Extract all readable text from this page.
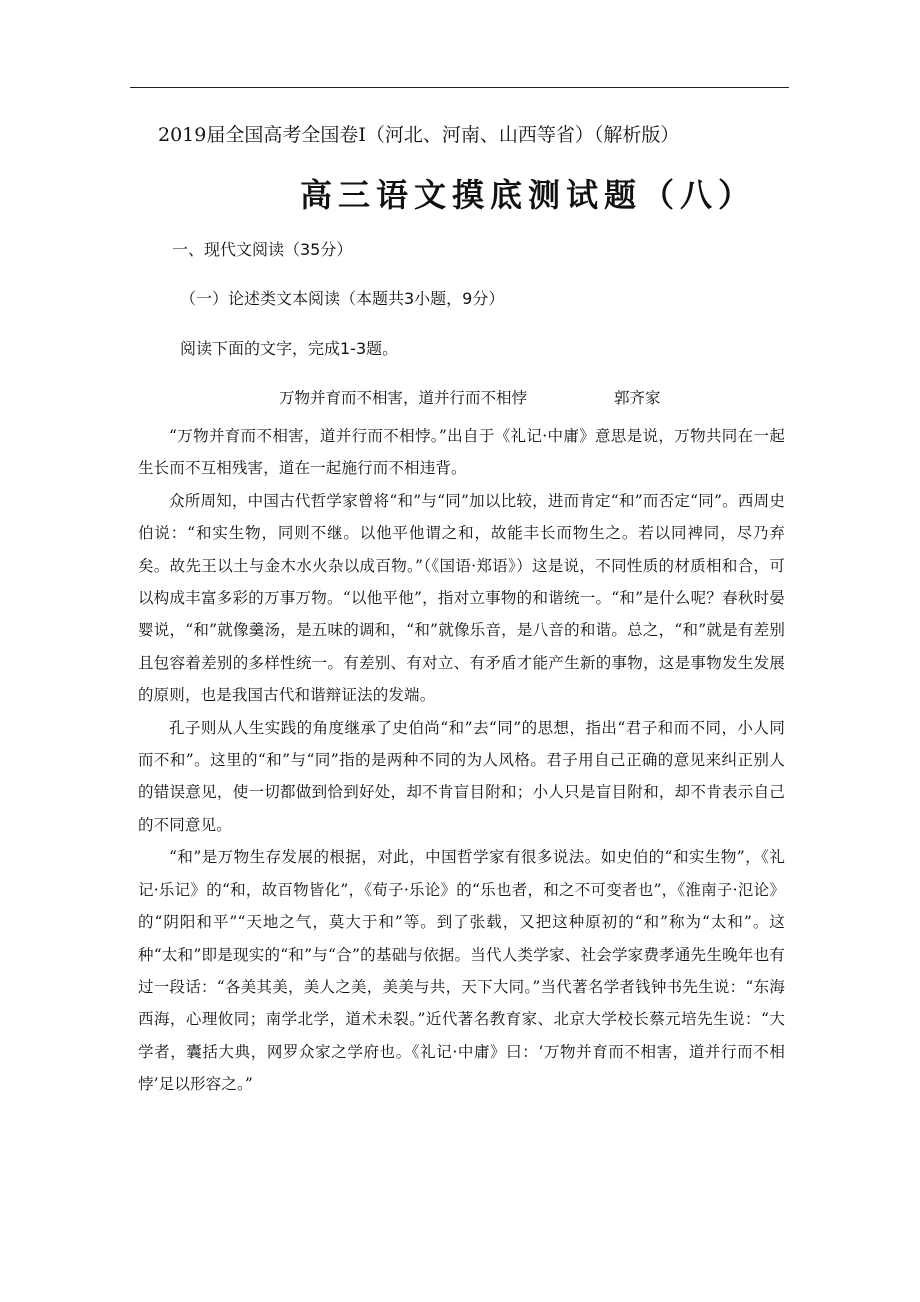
2019届全国高考全国卷Ⅰ（河北、河南、山西等省）（解析版）
高三语文摸底测试题（八）
一、现代文阅读（35分）
（一）论述类文本阅读（本题共3小题，9分）
阅读下面的文字，完成1-3题。
万物并育而不相害，道并行而不相悖	郭齐家

“万物并育而不相害，道并行而不相悖。”出自于《礼记·中庸》意思是说，万物共同在一起生长而不互相残害，道在一起施行而不相违背。

众所周知，中国古代哲学家曾将“和”与“同”加以比较，进而肯定“和”而否定“同”。西周史伯说：“和实生物，同则不继。以他平他谓之和，故能丰长而物生之。若以同裨同，尽乃弃矣。故先王以土与金木水火杂以成百物。”（《国语·郑语》）这是说，不同性质的材质相和合，可以构成丰富多彩的万事万物。“以他平他”，指对立事物的和谐统一。“和”是什么呢？春秋时晏婴说，“和”就像羹汤，是五味的调和，“和”就像乐音，是八音的和谐。总之，“和”就是有差别且包容着差别的多样性统一。有差别、有对立、有矛盾才能产生新的事物，这是事物发生发展的原则，也是我国古代和谐辩证法的发端。

孔子则从人生实践的角度继承了史伯尚“和”去“同”的思想，指出“君子和而不同，小人同而不和”。这里的“和”与“同”指的是两种不同的为人风格。君子用自己正确的意见来纠正别人的错误意见，使一切都做到恰到好处，却不肯盲目附和；小人只是盲目附和，却不肯表示自己的不同意见。

“和”是万物生存发展的根据，对此，中国哲学家有很多说法。如史伯的“和实生物”，《礼记·乐记》的“和，故百物皆化”，《荀子·乐论》的“乐也者，和之不可变者也”，《淮南子·氾论》的“阴阳和平”“天地之气，莫大于和”等。到了张载，又把这种原初的“和”称为“太和”。这种“太和”即是现实的“和”与“合”的基础与依据。当代人类学家、社会学家费孝通先生晚年也有过一段话：“各美其美，美人之美，美美与共，天下大同。”当代著名学者钱钟书先生说：“东海西海，心理攸同；南学北学，道术未裂。”近代著名教育家、北京大学校长蔡元培先生说：“大学者，囊括大典，网罗众家之学府也。《礼记·中庸》曰：‘万物并育而不相害，道并行而不相悖’足以形容之。”
